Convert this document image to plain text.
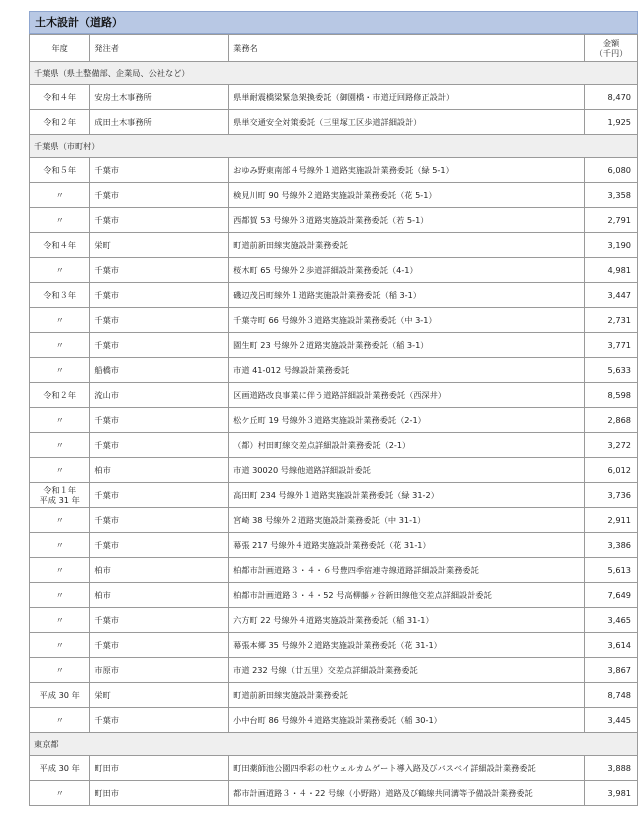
土木設計（道路）
年度	発注者	業務名	金額
（千円）
千葉県（県土整備部、企業局、公社など）			
令和４年	安房土木事務所	県単耐震橋梁緊急架換委託（御園橋・市道迂回路修正設計）	8,470
令和２年	成田土木事務所	県単交通安全対策委託（三里塚工区歩道詳細設計）	1,925
千葉県（市町村）			
令和５年	千葉市	おゆみ野東南部４号線外１道路実施設計業務委託（緑 5-1）	6,080
〃	千葉市	検見川町 90 号線外２道路実施設計業務委託（花 5-1）	3,358
〃	千葉市	西都賀 53 号線外３道路実施設計業務委託（若 5-1）	2,791
令和４年	栄町	町道前新田線実施設計業務委託	3,190
〃	千葉市	桜木町 65 号線外２歩道詳細設計業務委託（4-1）	4,981
令和３年	千葉市	磯辺茂呂町線外１道路実施設計業務委託（稲 3-1）	3,447
〃	千葉市	千葉寺町 66 号線外３道路実施設計業務委託（中 3-1）	2,731
〃	千葉市	園生町 23 号線外２道路実施設計業務委託（稲 3-1）	3,771
〃	船橋市	市道 41-012 号線設計業務委託	5,633
令和２年	流山市	区画道路改良事業に伴う道路詳細設計業務委託（西深井）	8,598
〃	千葉市	松ケ丘町 19 号線外３道路実施設計業務委託（2-1）	2,868
〃	千葉市	（都）村田町線交差点詳細設計業務委託（2-1）	3,272
〃	柏市	市道 30020 号線他道路詳細設計委託	6,012
令和１年
平成 31 年	千葉市	高田町 234 号線外１道路実施設計業務委託（緑 31-2）	3,736
〃	千葉市	宮崎 38 号線外２道路実施設計業務委託（中 31-1）	2,911
〃	千葉市	幕張 217 号線外４道路実施設計業務委託（花 31-1）	3,386
〃	柏市	柏都市計画道路３・４・６号豊四季宿連寺線道路詳細設計業務委託	5,613
〃	柏市	柏都市計画道路３・４・52 号高柳藤ヶ谷新田線他交差点詳細設計委託	7,649
〃	千葉市	六方町 22 号線外４道路実施設計業務委託（稲 31-1）	3,465
〃	千葉市	幕張本郷 35 号線外２道路実施設計業務委託（花 31-1）	3,614
〃	市原市	市道 232 号線（廿五里）交差点詳細設計業務委託	3,867
平成 30 年	栄町	町道前新田線実施設計業務委託	8,748
〃	千葉市	小中台町 86 号線外４道路実施設計業務委託（稲 30-1）	3,445
東京都			
平成 30 年	町田市	町田薬師池公園四季彩の杜ウェルカムゲート導入路及びバスベイ詳細設計業務委託	3,888
〃	町田市	都市計画道路３・４・22 号線（小野路）道路及び鶴線共同溝等予備設計業務委託	3,981
